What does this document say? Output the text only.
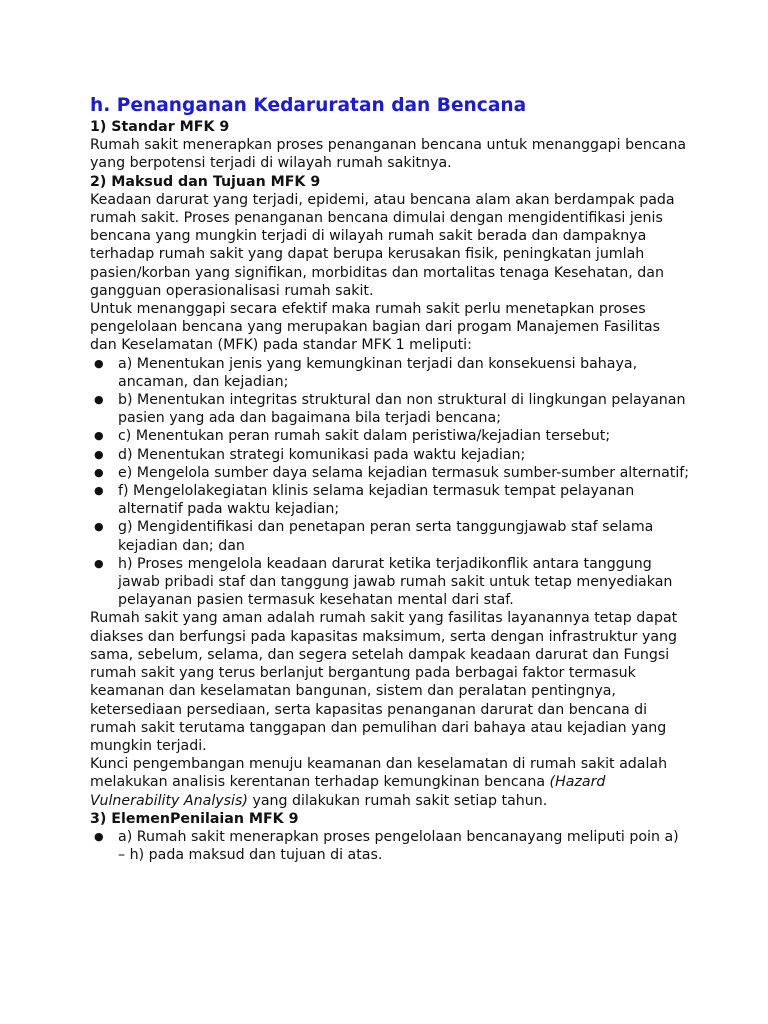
h. Penanganan Kedaruratan dan Bencana
1) Standar MFK 9

Rumah sakit menerapkan proses penanganan bencana untuk menanggapi bencana yang berpotensi terjadi di wilayah rumah sakitnya.

2) Maksud dan Tujuan MFK 9

Keadaan darurat yang terjadi, epidemi, atau bencana alam akan berdampak pada rumah sakit. Proses penanganan bencana dimulai dengan mengidentifikasi jenis bencana yang mungkin terjadi di wilayah rumah sakit berada dan dampaknya terhadap rumah sakit yang dapat berupa kerusakan fisik, peningkatan jumlah pasien/korban yang signifikan, morbiditas dan mortalitas tenaga Kesehatan, dan gangguan operasionalisasi rumah sakit.

Untuk menanggapi secara efektif maka rumah sakit perlu menetapkan proses pengelolaan bencana yang merupakan bagian dari progam Manajemen Fasilitas dan Keselamatan (MFK) pada standar MFK 1 meliputi:

● a) Menentukan jenis yang kemungkinan terjadi dan konsekuensi bahaya, ancaman, dan kejadian;
● b) Menentukan integritas struktural dan non struktural di lingkungan pelayanan pasien yang ada dan bagaimana bila terjadi bencana;
● c) Menentukan peran rumah sakit dalam peristiwa/kejadian tersebut;
● d) Menentukan strategi komunikasi pada waktu kejadian;
● e) Mengelola sumber daya selama kejadian termasuk sumber-sumber alternatif;
● f) Mengelolakegiatan klinis selama kejadian termasuk tempat pelayanan alternatif pada waktu kejadian;
● g) Mengidentifikasi dan penetapan peran serta tanggungjawab staf selama kejadian dan; dan
● h) Proses mengelola keadaan darurat ketika terjadikonflik antara tanggung jawab pribadi staf dan tanggung jawab rumah sakit untuk tetap menyediakan pelayanan pasien termasuk kesehatan mental dari staf.

Rumah sakit yang aman adalah rumah sakit yang fasilitas layanannya tetap dapat diakses dan berfungsi pada kapasitas maksimum, serta dengan infrastruktur yang sama, sebelum, selama, dan segera setelah dampak keadaan darurat dan Fungsi rumah sakit yang terus berlanjut bergantung pada berbagai faktor termasuk keamanan dan keselamatan bangunan, sistem dan peralatan pentingnya, ketersediaan persediaan, serta kapasitas penanganan darurat dan bencana di rumah sakit terutama tanggapan dan pemulihan dari bahaya atau kejadian yang mungkin terjadi.

Kunci pengembangan menuju keamanan dan keselamatan di rumah sakit adalah melakukan analisis kerentanan terhadap kemungkinan bencana (Hazard Vulnerability Analysis) yang dilakukan rumah sakit setiap tahun.

3) ElemenPenilaian MFK 9
● a) Rumah sakit menerapkan proses pengelolaan bencanayang meliputi poin a) – h) pada maksud dan tujuan di atas.
